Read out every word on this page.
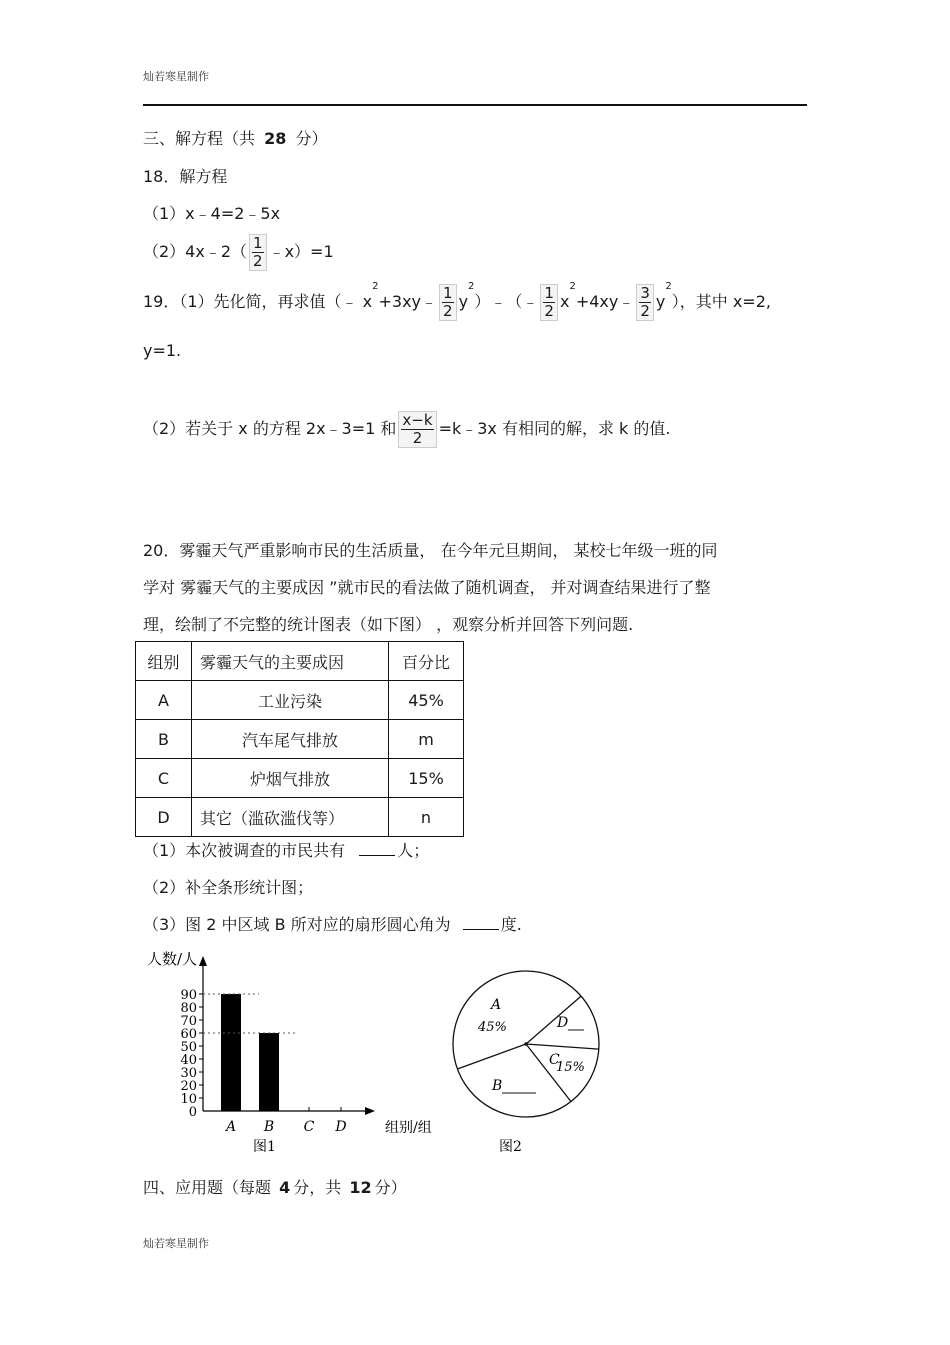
灿若寒星制作
三、解方程（共 28 分）
18．解方程
（1）x﹣4=2﹣5x
（2）4x﹣2（ $\frac{1}{2}$ ﹣x）=1
19．（1）先化简，再求值（﹣ $x^2+3xy﹣ \frac{1}{2}$ $y^2)﹣(﹣ \frac{1}{2}$ $x^2+4xy﹣ \frac{3}{2} y^2$），其中 x=2,
y=1.
（2）若关于 x 的方程 2x﹣3=1 和 $\frac{x-k}{2}$ =k﹣3x 有相同的解，求 k 的值.
20．雾霾天气严重影响市民的生活质量， 在今年元旦期间， 某校七年级一班的同
学对 雾霾天气的主要成因 ”就市民的看法做了随机调查， 并对调查结果进行了整
理，绘制了不完整的统计图表（如下图） ，观察分析并回答下列问题.
组别	雾霾天气的主要成因	百分比
A	工业污染	45%
B	汽车尾气排放	m
C	炉烟气排放	15%
D	其它（滥砍滥伐等）	n
（1）本次被调查的市民共有	人；
（2）补全条形统计图；
（3）图 2 中区域 B 所对应的扇形圆心角为	度.
人数/人
组别/组
图1
0
10
20
30
40
50
60
70
80
90
A B C D
图2
A
45%	D
C
15%
B
四、应用题（每题 4 分，共 12 分）
灿若寒星制作
